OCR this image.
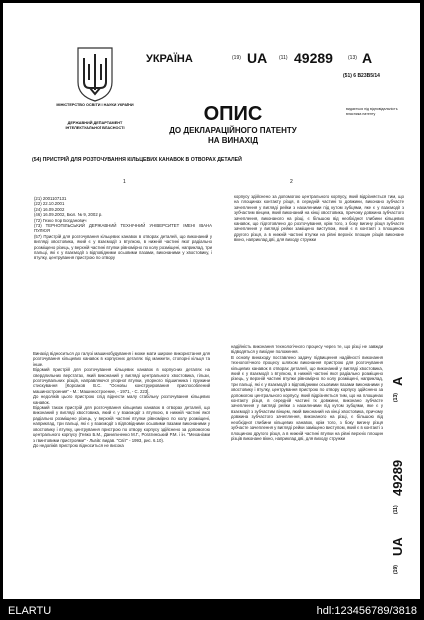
МІНІСТЕРСТВО ОСВІТИ І НАУКИ УКРАЇНИ
ДЕРЖАВНИЙ ДЕПАРТАМЕНТ ІНТЕЛЕКТУАЛЬНОЇ ВЛАСНОСТІ
УКРАЇНА	(19) UA (11) 49289	(13) A
(51) 6 B23B5/14
видається під відповідальність власника патенту
ОПИС
ДО ДЕКЛАРАЦІЙНОГО ПАТЕНТУ
НА ВИНАХІД
(54) ПРИСТРІЙ ДЛЯ РОЗТОЧУВАННЯ КІЛЬЦЕВИХ КАНАВОК В ОТВОРАХ ДЕТАЛЕЙ
1	2
(21) 2001107131
(22) 22.10.2001
(24) 16.09.2002
(46) 16.09.2002, Бюл. № 9, 2002 р.
(72) Гезко Ігор Богданович
(73) ТЕРНОПІЛЬСЬКИЙ ДЕРЖАВНИЙ ТЕХНІЧНИЙ УНІВЕРСИТЕТ ІМЕНІ ІВАНА ПУЛЮЯ
(57) Пристрій для розточування кільцевих канавок в отворах деталей, що виконаний у вигляді хвостовика, який є у взаємодії з втулкою, в нижній частині якої радіально розміщено різець, у верхній частині втулки рівномірно по колу розміщені, наприклад, три пальці, які є у взаємодії з відповідними осьовими пазами, виконаними у хвостовику, і втулку, центрування пристрою по отвору
корпусу здійснено за допомогою центрального корпусу, який відрізняється тим, що на площинах контакту різця, в середній частині їх довжини, виконано зубчасте зачеплення у вигляді рейки з нахиленими під кутом зубцями, яке є у взаємодії з зубчастим вінцем, який виконаний на кінці хвостовика, причому довжина зубчастого зачеплення, виконаного на різці, є більшою від необхідної глибини кільцевих канавок, що підготовлено до розточування, крім того, з боку вигину різця зубчасте зачеплення у вигляді рейки заміщено виступом, який є в контакті з площиною другого різця, а в нижній частині втулки на рівні верхніх площин різців виконане вікно, наприклад дві, для виходу стружки
Винахід відноситься до галузі машинобудування і може мати широке використання для розточування кільцевих канавок в корпусних деталях під манжети, стопорні кільця та інше.
Відомий пристрій для розточування кільцевих канавок в корпусних деталях на свердлильних верстатах, який виконаний у вигляді центрального хвостовика, гільзи, розточувальних різців, направляючої упорної втулки, упорного підшипника і пружини стискування [Корсаков В.С. "Основы конструирования приспособлений машиностроения" - М.: Машиностроение, - 1971, - С. 223].
До недоліків цього пристрою слід віднести малу стабільну розточування кільцевих канавок.
Відомий також пристрій для розточування кільцевих канавок в отворах деталей, що виконаний у вигляді хвостовика, який є у взаємодії з втулкою, в нижній частині якої радіально розміщено різець, у верхній частині втулки рівномірно по колу розміщені, наприклад, три пальці, які є у взаємодії з відповідними осьовими пазами виконаними у хвостовику і втулку, центрування пристрою по отвору корпусу здійснено за допомогою центрального корпусу (Гевко Б.М., Данильченко М.Г., Рогатинський Р.М. і ін. "Механізми з гвинтовими пристроями" - Львів: видав. "Світ" - 1993, рис. 6.10).
До недоліків пристрою відноситься не висока
надійність виконання технологічного процесу через те, що різці не завжди відводяться у вихідне положення.
В основу винаходу поставлено задачу підвищення надійності виконання технологічного процесу шляхом виконання пристрою для розточування кільцевих канавок в отворах деталей, що виконаний у вигляді хвостовика, який є у взаємодії з втулкою, в нижній частині якої радіально розміщено різець, у верхній частині втулки рівномірно по колу розміщені, наприклад, три пальці, які є у взаємодії з відповідними осьовими пазами виконаними у хвостовику і втулку, центрування пристрою по отвору корпусу здійснено за допомогою центрального корпусу, який відрізняється тим, що на площинах контакту різця, в середній частині їх довжини, виконано зубчасте зачеплення у вигляді рейки з нахиленими під кутом зубцями, яке є у взаємодії з зубчастим вінцем, який виконаний на кінці хвостовика, причому довжина зубчастого зачеплення, виконаного на різці, є більшою від необхідної глибини кільцевих канавок, крім того, з боку вигину різця зубчасте зачеплення у вигляді рейки заміщено виступом, який є в контакті з площиною другого різця, а в нижній частині втулки на рівні верхніх площин різців виконане вікно, наприклад дві, для виходу стружки
(19)
UA
(11)
49289
(13)
A
ELARTU	hdl:123456789/3818
